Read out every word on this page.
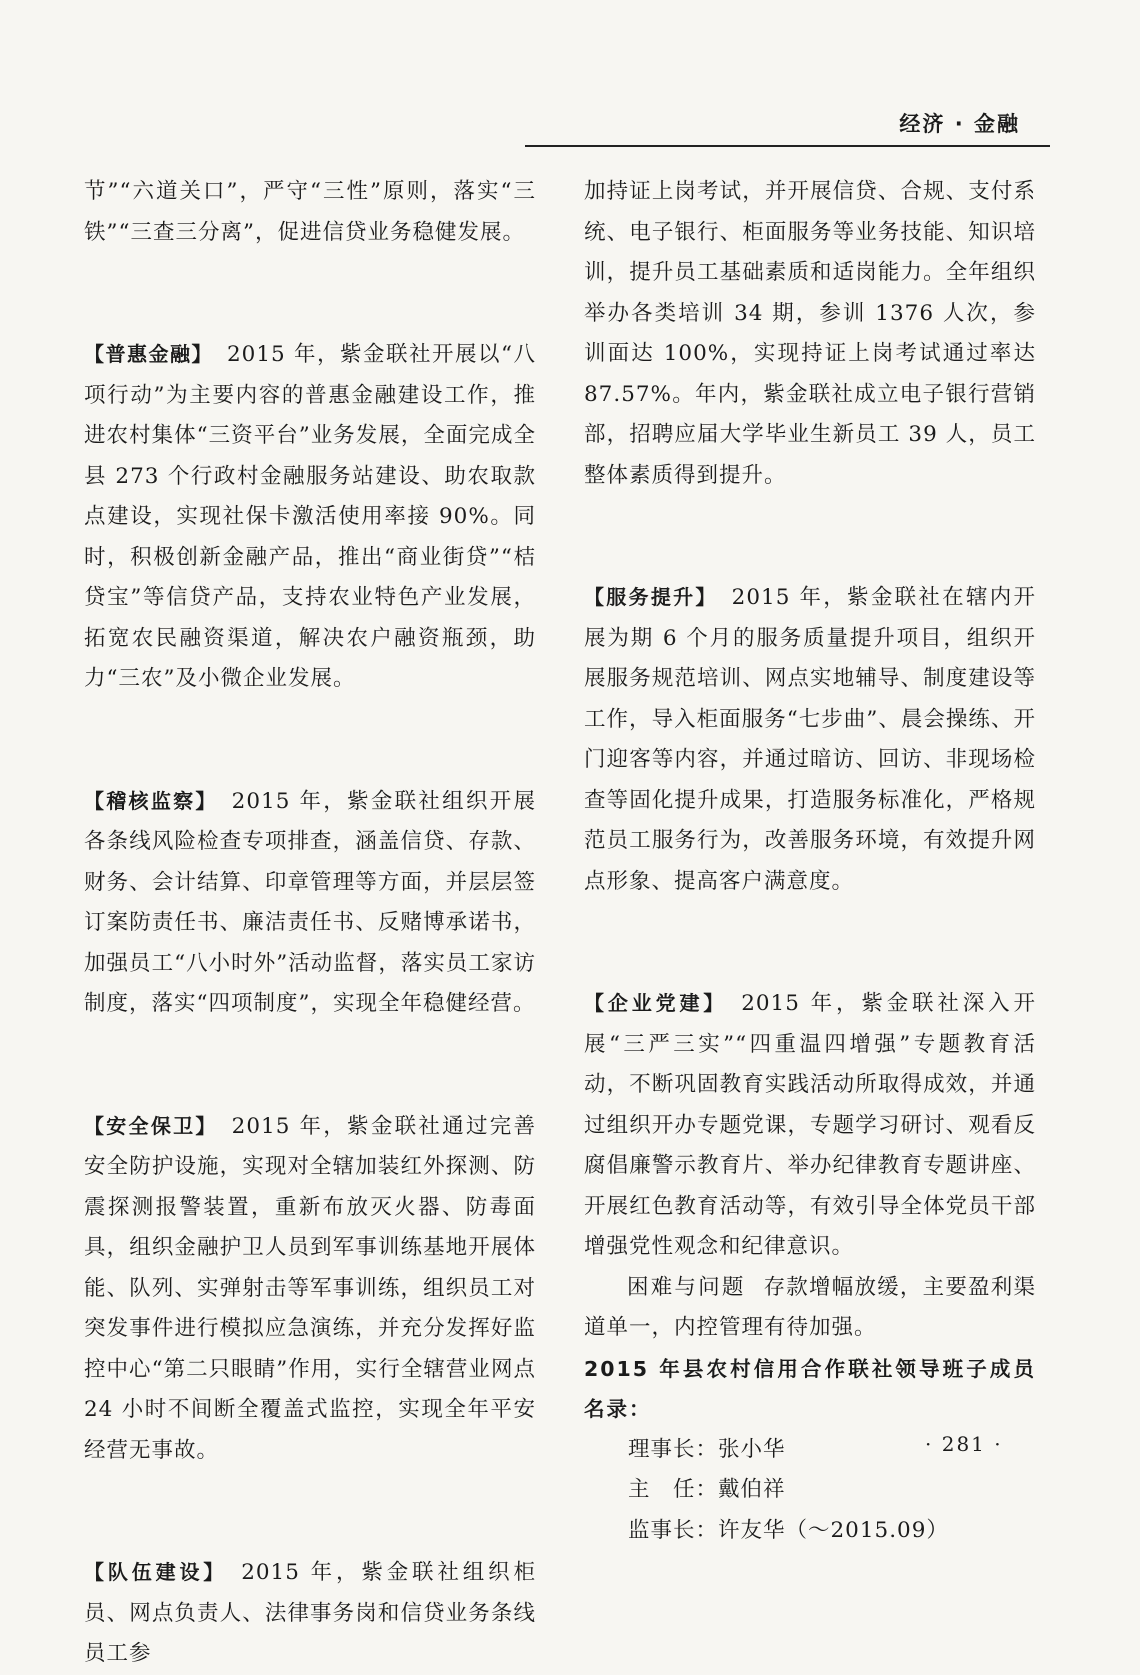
经济 · 金融

节”“六道关口”，严守“三性”原则，落实“三铁”“三查三分离”，促进信贷业务稳健发展。

【普惠金融】 2015 年，紫金联社开展以“八项行动”为主要内容的普惠金融建设工作，推进农村集体“三资平台”业务发展，全面完成全县 273 个行政村金融服务站建设、助农取款点建设，实现社保卡激活使用率接 90%。同时，积极创新金融产品，推出“商业街贷”“桔贷宝”等信贷产品，支持农业特色产业发展，拓宽农民融资渠道，解决农户融资瓶颈，助力“三农”及小微企业发展。

【稽核监察】 2015 年，紫金联社组织开展各条线风险检查专项排查，涵盖信贷、存款、财务、会计结算、印章管理等方面，并层层签订案防责任书、廉洁责任书、反赌博承诺书，加强员工“八小时外”活动监督，落实员工家访制度，落实“四项制度”，实现全年稳健经营。

【安全保卫】 2015 年，紫金联社通过完善安全防护设施，实现对全辖加装红外探测、防震探测报警装置，重新布放灭火器、防毒面具，组织金融护卫人员到军事训练基地开展体能、队列、实弹射击等军事训练，组织员工对突发事件进行模拟应急演练，并充分发挥好监控中心“第二只眼睛”作用，实行全辖营业网点 24 小时不间断全覆盖式监控，实现全年平安经营无事故。

【队伍建设】 2015 年，紫金联社组织柜员、网点负责人、法律事务岗和信贷业务条线员工参

加持证上岗考试，并开展信贷、合规、支付系统、电子银行、柜面服务等业务技能、知识培训，提升员工基础素质和适岗能力。全年组织举办各类培训 34 期，参训 1376 人次，参训面达 100%，实现持证上岗考试通过率达 87.57%。年内，紫金联社成立电子银行营销部，招聘应届大学毕业生新员工 39 人，员工整体素质得到提升。

【服务提升】 2015 年，紫金联社在辖内开展为期 6 个月的服务质量提升项目，组织开展服务规范培训、网点实地辅导、制度建设等工作，导入柜面服务“七步曲”、晨会操练、开门迎客等内容，并通过暗访、回访、非现场检查等固化提升成果，打造服务标准化，严格规范员工服务行为，改善服务环境，有效提升网点形象、提高客户满意度。

【企业党建】 2015 年，紫金联社深入开展“三严三实”“四重温四增强”专题教育活动，不断巩固教育实践活动所取得成效，并通过组织开办专题党课，专题学习研讨、观看反腐倡廉警示教育片、举办纪律教育专题讲座、开展红色教育活动等，有效引导全体党员干部增强党性观念和纪律意识。

困难与问题 存款增幅放缓，主要盈利渠道单一，内控管理有待加强。

2015 年县农村信用合作联社领导班子成员名录：

理事长：张小华

主　任：戴伯祥

监事长：许友华（～2015.09）

· 281 ·
